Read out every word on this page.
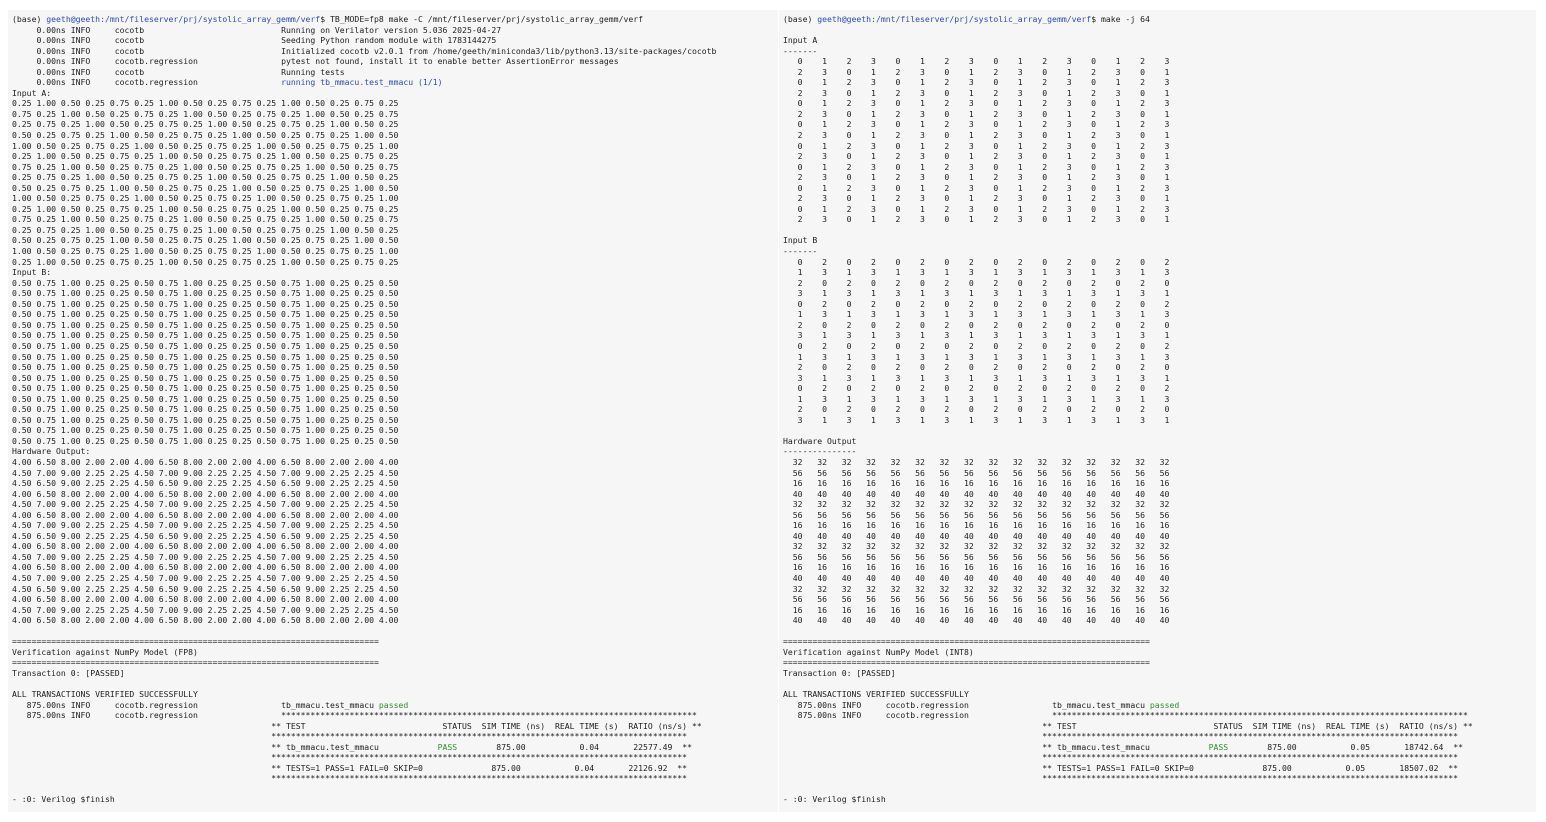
(base) geeth@geeth:/mnt/fileserver/prj/systolic_array_gemm/verf$ TB_MODE=fp8 make -C /mnt/fileserver/prj/systolic_array_gemm/verf
0.00ns INFO     cocotb                            Running on Verilator version 5.036 2025-04-27
0.00ns INFO     cocotb                            Seeding Python random module with 1783144275
0.00ns INFO     cocotb                            Initialized cocotb v2.0.1 from /home/geeth/miniconda3/lib/python3.13/site-packages/cocotb
0.00ns INFO     cocotb.regression                 pytest not found, install it to enable better AssertionError messages
0.00ns INFO     cocotb                            Running tests
0.00ns INFO     cocotb.regression                 running tb_mmacu.test_mmacu (1/1)
Input A:
0.25 1.00 0.50 0.25 0.75 0.25 1.00 0.50 0.25 0.75 0.25 1.00 0.50 0.25 0.75 0.25
0.75 0.25 1.00 0.50 0.25 0.75 0.25 1.00 0.50 0.25 0.75 0.25 1.00 0.50 0.25 0.75
0.25 0.75 0.25 1.00 0.50 0.25 0.75 0.25 1.00 0.50 0.25 0.75 0.25 1.00 0.50 0.25
0.50 0.25 0.75 0.25 1.00 0.50 0.25 0.75 0.25 1.00 0.50 0.25 0.75 0.25 1.00 0.50
1.00 0.50 0.25 0.75 0.25 1.00 0.50 0.25 0.75 0.25 1.00 0.50 0.25 0.75 0.25 1.00
0.25 1.00 0.50 0.25 0.75 0.25 1.00 0.50 0.25 0.75 0.25 1.00 0.50 0.25 0.75 0.25
0.75 0.25 1.00 0.50 0.25 0.75 0.25 1.00 0.50 0.25 0.75 0.25 1.00 0.50 0.25 0.75
0.25 0.75 0.25 1.00 0.50 0.25 0.75 0.25 1.00 0.50 0.25 0.75 0.25 1.00 0.50 0.25
0.50 0.25 0.75 0.25 1.00 0.50 0.25 0.75 0.25 1.00 0.50 0.25 0.75 0.25 1.00 0.50
1.00 0.50 0.25 0.75 0.25 1.00 0.50 0.25 0.75 0.25 1.00 0.50 0.25 0.75 0.25 1.00
0.25 1.00 0.50 0.25 0.75 0.25 1.00 0.50 0.25 0.75 0.25 1.00 0.50 0.25 0.75 0.25
0.75 0.25 1.00 0.50 0.25 0.75 0.25 1.00 0.50 0.25 0.75 0.25 1.00 0.50 0.25 0.75
0.25 0.75 0.25 1.00 0.50 0.25 0.75 0.25 1.00 0.50 0.25 0.75 0.25 1.00 0.50 0.25
0.50 0.25 0.75 0.25 1.00 0.50 0.25 0.75 0.25 1.00 0.50 0.25 0.75 0.25 1.00 0.50
1.00 0.50 0.25 0.75 0.25 1.00 0.50 0.25 0.75 0.25 1.00 0.50 0.25 0.75 0.25 1.00
0.25 1.00 0.50 0.25 0.75 0.25 1.00 0.50 0.25 0.75 0.25 1.00 0.50 0.25 0.75 0.25
Input B:
0.50 0.75 1.00 0.25 0.25 0.50 0.75 1.00 0.25 0.25 0.50 0.75 1.00 0.25 0.25 0.50
0.50 0.75 1.00 0.25 0.25 0.50 0.75 1.00 0.25 0.25 0.50 0.75 1.00 0.25 0.25 0.50
0.50 0.75 1.00 0.25 0.25 0.50 0.75 1.00 0.25 0.25 0.50 0.75 1.00 0.25 0.25 0.50
0.50 0.75 1.00 0.25 0.25 0.50 0.75 1.00 0.25 0.25 0.50 0.75 1.00 0.25 0.25 0.50
0.50 0.75 1.00 0.25 0.25 0.50 0.75 1.00 0.25 0.25 0.50 0.75 1.00 0.25 0.25 0.50
0.50 0.75 1.00 0.25 0.25 0.50 0.75 1.00 0.25 0.25 0.50 0.75 1.00 0.25 0.25 0.50
0.50 0.75 1.00 0.25 0.25 0.50 0.75 1.00 0.25 0.25 0.50 0.75 1.00 0.25 0.25 0.50
0.50 0.75 1.00 0.25 0.25 0.50 0.75 1.00 0.25 0.25 0.50 0.75 1.00 0.25 0.25 0.50
0.50 0.75 1.00 0.25 0.25 0.50 0.75 1.00 0.25 0.25 0.50 0.75 1.00 0.25 0.25 0.50
0.50 0.75 1.00 0.25 0.25 0.50 0.75 1.00 0.25 0.25 0.50 0.75 1.00 0.25 0.25 0.50
0.50 0.75 1.00 0.25 0.25 0.50 0.75 1.00 0.25 0.25 0.50 0.75 1.00 0.25 0.25 0.50
0.50 0.75 1.00 0.25 0.25 0.50 0.75 1.00 0.25 0.25 0.50 0.75 1.00 0.25 0.25 0.50
0.50 0.75 1.00 0.25 0.25 0.50 0.75 1.00 0.25 0.25 0.50 0.75 1.00 0.25 0.25 0.50
0.50 0.75 1.00 0.25 0.25 0.50 0.75 1.00 0.25 0.25 0.50 0.75 1.00 0.25 0.25 0.50
0.50 0.75 1.00 0.25 0.25 0.50 0.75 1.00 0.25 0.25 0.50 0.75 1.00 0.25 0.25 0.50
0.50 0.75 1.00 0.25 0.25 0.50 0.75 1.00 0.25 0.25 0.50 0.75 1.00 0.25 0.25 0.50
Hardware Output:
4.00 6.50 8.00 2.00 2.00 4.00 6.50 8.00 2.00 2.00 4.00 6.50 8.00 2.00 2.00 4.00
4.50 7.00 9.00 2.25 2.25 4.50 7.00 9.00 2.25 2.25 4.50 7.00 9.00 2.25 2.25 4.50
4.50 6.50 9.00 2.25 2.25 4.50 6.50 9.00 2.25 2.25 4.50 6.50 9.00 2.25 2.25 4.50
4.00 6.50 8.00 2.00 2.00 4.00 6.50 8.00 2.00 2.00 4.00 6.50 8.00 2.00 2.00 4.00
4.50 7.00 9.00 2.25 2.25 4.50 7.00 9.00 2.25 2.25 4.50 7.00 9.00 2.25 2.25 4.50
4.00 6.50 8.00 2.00 2.00 4.00 6.50 8.00 2.00 2.00 4.00 6.50 8.00 2.00 2.00 4.00
4.50 7.00 9.00 2.25 2.25 4.50 7.00 9.00 2.25 2.25 4.50 7.00 9.00 2.25 2.25 4.50
4.50 6.50 9.00 2.25 2.25 4.50 6.50 9.00 2.25 2.25 4.50 6.50 9.00 2.25 2.25 4.50
4.00 6.50 8.00 2.00 2.00 4.00 6.50 8.00 2.00 2.00 4.00 6.50 8.00 2.00 2.00 4.00
4.50 7.00 9.00 2.25 2.25 4.50 7.00 9.00 2.25 2.25 4.50 7.00 9.00 2.25 2.25 4.50
4.00 6.50 8.00 2.00 2.00 4.00 6.50 8.00 2.00 2.00 4.00 6.50 8.00 2.00 2.00 4.00
4.50 7.00 9.00 2.25 2.25 4.50 7.00 9.00 2.25 2.25 4.50 7.00 9.00 2.25 2.25 4.50
4.50 6.50 9.00 2.25 2.25 4.50 6.50 9.00 2.25 2.25 4.50 6.50 9.00 2.25 2.25 4.50
4.00 6.50 8.00 2.00 2.00 4.00 6.50 8.00 2.00 2.00 4.00 6.50 8.00 2.00 2.00 4.00
4.50 7.00 9.00 2.25 2.25 4.50 7.00 9.00 2.25 2.25 4.50 7.00 9.00 2.25 2.25 4.50
4.00 6.50 8.00 2.00 2.00 4.00 6.50 8.00 2.00 2.00 4.00 6.50 8.00 2.00 2.00 4.00

===========================================================================
Verification against NumPy Model (FP8)
===========================================================================
Transaction 0: [PASSED]

ALL TRANSACTIONS VERIFIED SUCCESSFULLY
875.00ns INFO     cocotb.regression                 tb_mmacu.test_mmacu passed
875.00ns INFO     cocotb.regression                 *************************************************************************************
** TEST                            STATUS  SIM TIME (ns)  REAL TIME (s)  RATIO (ns/s) **
*************************************************************************************
** tb_mmacu.test_mmacu            PASS        875.00           0.04       22577.49  **
*************************************************************************************
** TESTS=1 PASS=1 FAIL=0 SKIP=0              875.00           0.04       22126.92  **
*************************************************************************************

- :0: Verilog $finish
(base) geeth@geeth:/mnt/fileserver/prj/systolic_array_gemm/verf$ make -j 64

Input A
-------
0    1    2    3    0    1    2    3    0    1    2    3    0    1    2    3
2    3    0    1    2    3    0    1    2    3    0    1    2    3    0    1
0    1    2    3    0    1    2    3    0    1    2    3    0    1    2    3
2    3    0    1    2    3    0    1    2    3    0    1    2    3    0    1
0    1    2    3    0    1    2    3    0    1    2    3    0    1    2    3
2    3    0    1    2    3    0    1    2    3    0    1    2    3    0    1
0    1    2    3    0    1    2    3    0    1    2    3    0    1    2    3
2    3    0    1    2    3    0    1    2    3    0    1    2    3    0    1
0    1    2    3    0    1    2    3    0    1    2    3    0    1    2    3
2    3    0    1    2    3    0    1    2    3    0    1    2    3    0    1
0    1    2    3    0    1    2    3    0    1    2    3    0    1    2    3
2    3    0    1    2    3    0    1    2    3    0    1    2    3    0    1
0    1    2    3    0    1    2    3    0    1    2    3    0    1    2    3
2    3    0    1    2    3    0    1    2    3    0    1    2    3    0    1
0    1    2    3    0    1    2    3    0    1    2    3    0    1    2    3
2    3    0    1    2    3    0    1    2    3    0    1    2    3    0    1

Input B
-------
0    2    0    2    0    2    0    2    0    2    0    2    0    2    0    2
1    3    1    3    1    3    1    3    1    3    1    3    1    3    1    3
2    0    2    0    2    0    2    0    2    0    2    0    2    0    2    0
3    1    3    1    3    1    3    1    3    1    3    1    3    1    3    1
0    2    0    2    0    2    0    2    0    2    0    2    0    2    0    2
1    3    1    3    1    3    1    3    1    3    1    3    1    3    1    3
2    0    2    0    2    0    2    0    2    0    2    0    2    0    2    0
3    1    3    1    3    1    3    1    3    1    3    1    3    1    3    1
0    2    0    2    0    2    0    2    0    2    0    2    0    2    0    2
1    3    1    3    1    3    1    3    1    3    1    3    1    3    1    3
2    0    2    0    2    0    2    0    2    0    2    0    2    0    2    0
3    1    3    1    3    1    3    1    3    1    3    1    3    1    3    1
0    2    0    2    0    2    0    2    0    2    0    2    0    2    0    2
1    3    1    3    1    3    1    3    1    3    1    3    1    3    1    3
2    0    2    0    2    0    2    0    2    0    2    0    2    0    2    0
3    1    3    1    3    1    3    1    3    1    3    1    3    1    3    1

Hardware Output
---------------
32   32   32   32   32   32   32   32   32   32   32   32   32   32   32   32
56   56   56   56   56   56   56   56   56   56   56   56   56   56   56   56
16   16   16   16   16   16   16   16   16   16   16   16   16   16   16   16
40   40   40   40   40   40   40   40   40   40   40   40   40   40   40   40
32   32   32   32   32   32   32   32   32   32   32   32   32   32   32   32
56   56   56   56   56   56   56   56   56   56   56   56   56   56   56   56
16   16   16   16   16   16   16   16   16   16   16   16   16   16   16   16
40   40   40   40   40   40   40   40   40   40   40   40   40   40   40   40
32   32   32   32   32   32   32   32   32   32   32   32   32   32   32   32
56   56   56   56   56   56   56   56   56   56   56   56   56   56   56   56
16   16   16   16   16   16   16   16   16   16   16   16   16   16   16   16
40   40   40   40   40   40   40   40   40   40   40   40   40   40   40   40
32   32   32   32   32   32   32   32   32   32   32   32   32   32   32   32
56   56   56   56   56   56   56   56   56   56   56   56   56   56   56   56
16   16   16   16   16   16   16   16   16   16   16   16   16   16   16   16
40   40   40   40   40   40   40   40   40   40   40   40   40   40   40   40

===========================================================================
Verification against NumPy Model (INT8)
===========================================================================
Transaction 0: [PASSED]

ALL TRANSACTIONS VERIFIED SUCCESSFULLY
875.00ns INFO     cocotb.regression                 tb_mmacu.test_mmacu passed
875.00ns INFO     cocotb.regression                 *************************************************************************************
** TEST                            STATUS  SIM TIME (ns)  REAL TIME (s)  RATIO (ns/s) **
*************************************************************************************
** tb_mmacu.test_mmacu            PASS        875.00           0.05       18742.64  **
*************************************************************************************
** TESTS=1 PASS=1 FAIL=0 SKIP=0              875.00           0.05       18507.02  **
*************************************************************************************

- :0: Verilog $finish
